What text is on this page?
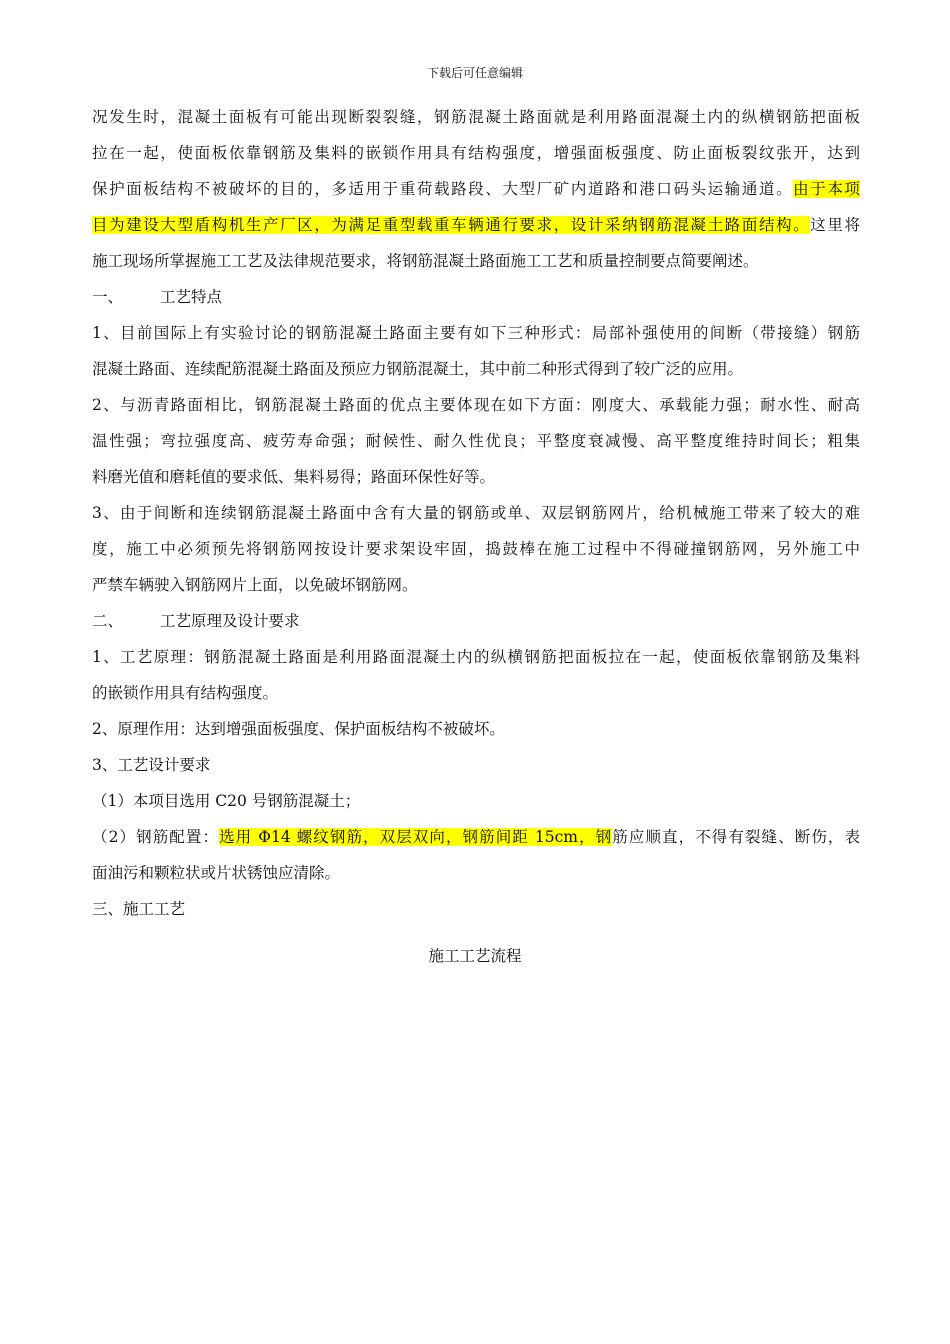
下载后可任意编辑
况发生时，混凝土面板有可能出现断裂裂缝，钢筋混凝土路面就是利用路面混凝土内的纵横钢筋把面板
拉在一起，使面板依靠钢筋及集料的嵌锁作用具有结构强度，增强面板强度、防止面板裂纹张开，达到
保护面板结构不被破坏的目的，多适用于重荷载路段、大型厂矿内道路和港口码头运输通道。由于本项
目为建设大型盾构机生产厂区，为满足重型载重车辆通行要求，设计采纳钢筋混凝土路面结构。这里将
施工现场所掌握施工工艺及法律规范要求，将钢筋混凝土路面施工工艺和质量控制要点简要阐述。
一、 工艺特点
1、目前国际上有实验讨论的钢筋混凝土路面主要有如下三种形式：局部补强使用的间断（带接缝）钢筋
混凝土路面、连续配筋混凝土路面及预应力钢筋混凝土，其中前二种形式得到了较广泛的应用。
2、与沥青路面相比，钢筋混凝土路面的优点主要体现在如下方面：刚度大、承载能力强；耐水性、耐高
温性强；弯拉强度高、疲劳寿命强；耐候性、耐久性优良；平整度衰减慢、高平整度维持时间长；粗集
料磨光值和磨耗值的要求低、集料易得；路面环保性好等。
3、由于间断和连续钢筋混凝土路面中含有大量的钢筋或单、双层钢筋网片，给机械施工带来了较大的难
度，施工中必须预先将钢筋网按设计要求架设牢固，捣鼓棒在施工过程中不得碰撞钢筋网，另外施工中
严禁车辆驶入钢筋网片上面，以免破坏钢筋网。
二、 工艺原理及设计要求
1、工艺原理：钢筋混凝土路面是利用路面混凝土内的纵横钢筋把面板拉在一起，使面板依靠钢筋及集料
的嵌锁作用具有结构强度。
2、原理作用：达到增强面板强度、保护面板结构不被破坏。
3、工艺设计要求
（1）本项目选用 C20 号钢筋混凝土；
（2）钢筋配置：选用 Φ14 螺纹钢筋，双层双向，钢筋间距 15cm，钢筋应顺直，不得有裂缝、断伤，表
面油污和颗粒状或片状锈蚀应清除。
三、施工工艺
施工工艺流程
